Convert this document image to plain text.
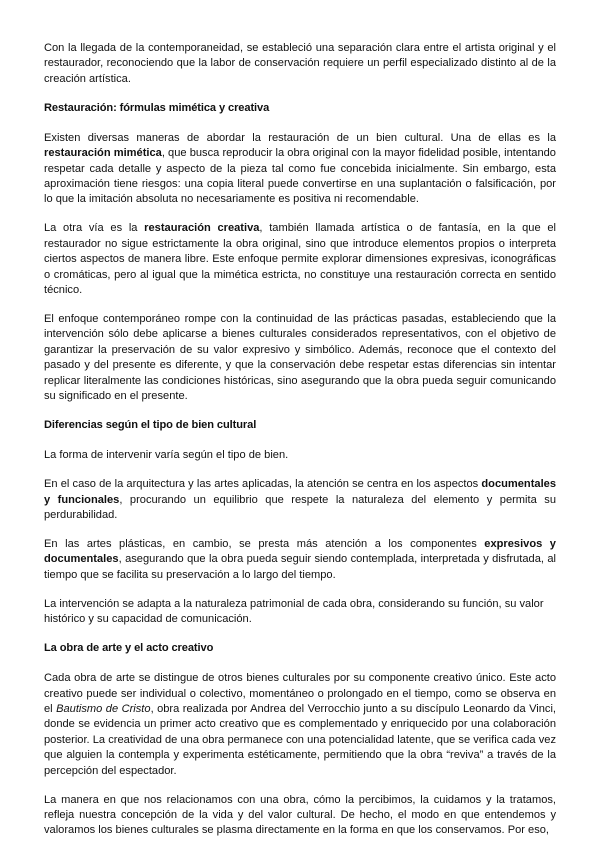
Con la llegada de la contemporaneidad, se estableció una separación clara entre el artista original y el restaurador, reconociendo que la labor de conservación requiere un perfil especializado distinto al de la creación artística.

Restauración: fórmulas mimética y creativa

Existen diversas maneras de abordar la restauración de un bien cultural. Una de ellas es la restauración mimética, que busca reproducir la obra original con la mayor fidelidad posible, intentando respetar cada detalle y aspecto de la pieza tal como fue concebida inicialmente. Sin embargo, esta aproximación tiene riesgos: una copia literal puede convertirse en una suplantación o falsificación, por lo que la imitación absoluta no necesariamente es positiva ni recomendable.

La otra vía es la restauración creativa, también llamada artística o de fantasía, en la que el restaurador no sigue estrictamente la obra original, sino que introduce elementos propios o interpreta ciertos aspectos de manera libre. Este enfoque permite explorar dimensiones expresivas, iconográficas o cromáticas, pero al igual que la mimética estricta, no constituye una restauración correcta en sentido técnico.

El enfoque contemporáneo rompe con la continuidad de las prácticas pasadas, estableciendo que la intervención sólo debe aplicarse a bienes culturales considerados representativos, con el objetivo de garantizar la preservación de su valor expresivo y simbólico. Además, reconoce que el contexto del pasado y del presente es diferente, y que la conservación debe respetar estas diferencias sin intentar replicar literalmente las condiciones históricas, sino asegurando que la obra pueda seguir comunicando su significado en el presente.

Diferencias según el tipo de bien cultural

La forma de intervenir varía según el tipo de bien.

En el caso de la arquitectura y las artes aplicadas, la atención se centra en los aspectos documentales y funcionales, procurando un equilibrio que respete la naturaleza del elemento y permita su perdurabilidad.

En las artes plásticas, en cambio, se presta más atención a los componentes expresivos y documentales, asegurando que la obra pueda seguir siendo contemplada, interpretada y disfrutada, al tiempo que se facilita su preservación a lo largo del tiempo.

La intervención se adapta a la naturaleza patrimonial de cada obra, considerando su función, su valor histórico y su capacidad de comunicación.

La obra de arte y el acto creativo

Cada obra de arte se distingue de otros bienes culturales por su componente creativo único. Este acto creativo puede ser individual o colectivo, momentáneo o prolongado en el tiempo, como se observa en el Bautismo de Cristo, obra realizada por Andrea del Verrocchio junto a su discípulo Leonardo da Vinci, donde se evidencia un primer acto creativo que es complementado y enriquecido por una colaboración posterior. La creatividad de una obra permanece con una potencialidad latente, que se verifica cada vez que alguien la contempla y experimenta estéticamente, permitiendo que la obra “reviva” a través de la percepción del espectador.

La manera en que nos relacionamos con una obra, cómo la percibimos, la cuidamos y la tratamos, refleja nuestra concepción de la vida y del valor cultural. De hecho, el modo en que entendemos y valoramos los bienes culturales se plasma directamente en la forma en que los conservamos. Por eso,
